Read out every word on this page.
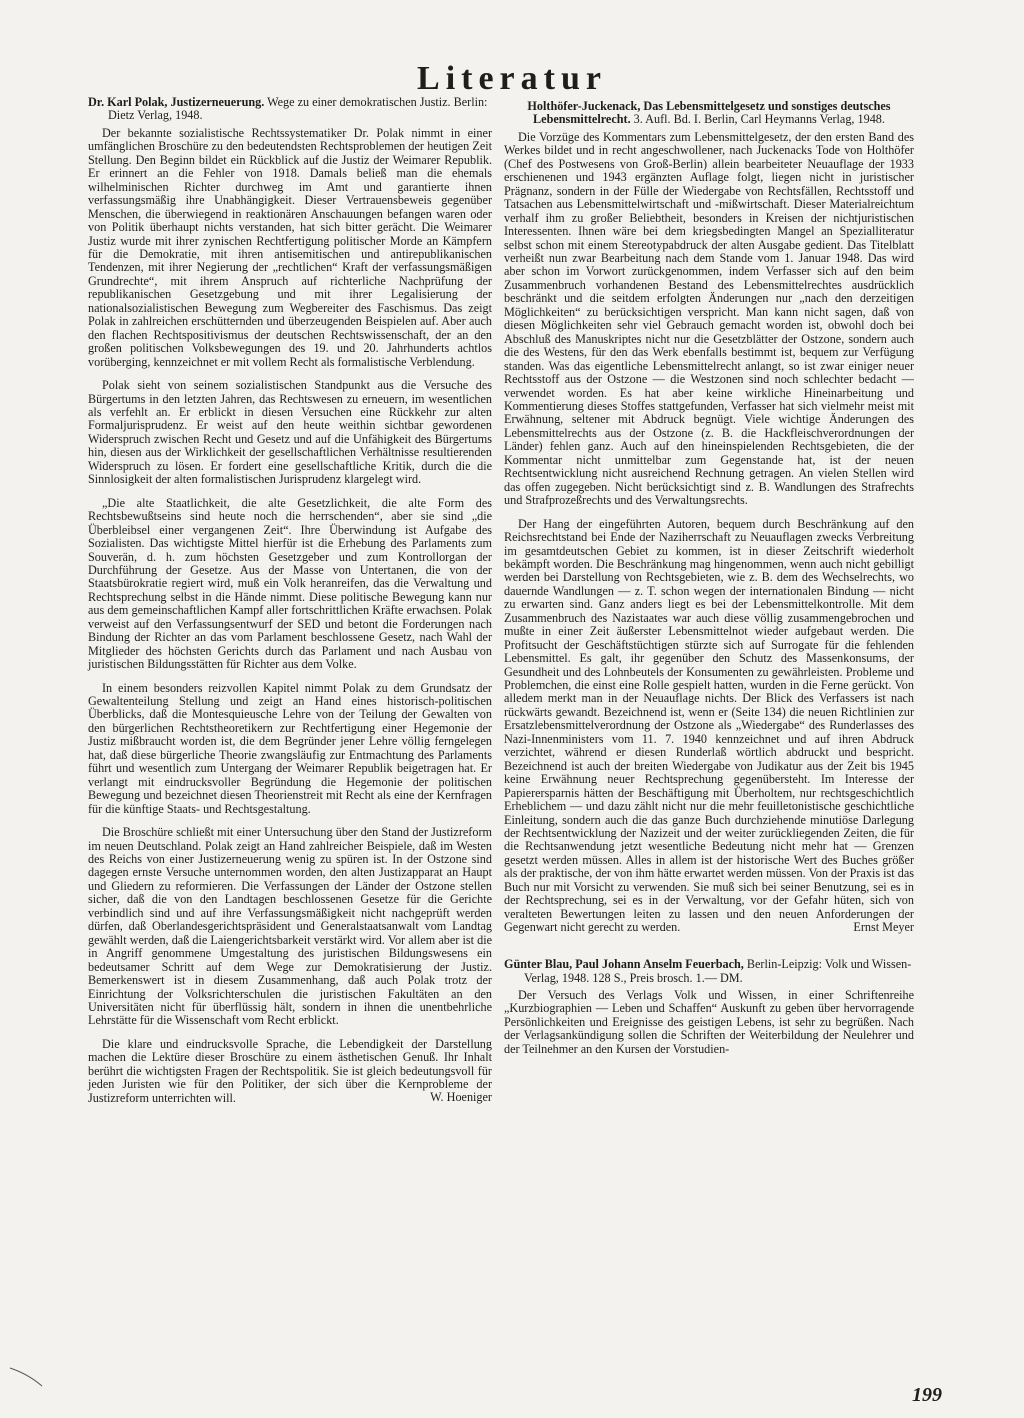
Literatur

Dr. Karl Polak, Justizerneuerung. Wege zu einer demokratischen Justiz. Berlin: Dietz Verlag, 1948.

Der bekannte sozialistische Rechtssystematiker Dr. Polak nimmt in einer umfänglichen Broschüre zu den bedeutendsten Rechtsproblemen der heutigen Zeit Stellung. Den Beginn bildet ein Rückblick auf die Justiz der Weimarer Republik. Er erinnert an die Fehler von 1918. Damals beließ man die ehemals wilhelminischen Richter durchweg im Amt und garantierte ihnen verfassungsmäßig ihre Unabhängigkeit. Dieser Vertrauensbeweis gegenüber Menschen, die überwiegend in reaktionären Anschauungen befangen waren oder von Politik überhaupt nichts verstanden, hat sich bitter gerächt. Die Weimarer Justiz wurde mit ihrer zynischen Rechtfertigung politischer Morde an Kämpfern für die Demokratie, mit ihren antisemitischen und antirepublikanischen Tendenzen, mit ihrer Negierung der „rechtlichen“ Kraft der verfassungsmäßigen Grundrechte“, mit ihrem Anspruch auf richterliche Nachprüfung der republikanischen Gesetzgebung und mit ihrer Legalisierung der nationalsozialistischen Bewegung zum Wegbereiter des Faschismus. Das zeigt Polak in zahlreichen erschütternden und überzeugenden Beispielen auf. Aber auch den flachen Rechtspositivismus der deutschen Rechtswissenschaft, der an den großen politischen Volksbewegungen des 19. und 20. Jahrhunderts achtlos vorüberging, kennzeichnet er mit vollem Recht als formalistische Verblendung.

Polak sieht von seinem sozialistischen Standpunkt aus die Versuche des Bürgertums in den letzten Jahren, das Rechtswesen zu erneuern, im wesentlichen als verfehlt an. Er erblickt in diesen Versuchen eine Rückkehr zur alten Formaljurisprudenz. Er weist auf den heute weithin sichtbar gewordenen Widerspruch zwischen Recht und Gesetz und auf die Unfähigkeit des Bürgertums hin, diesen aus der Wirklichkeit der gesellschaftlichen Verhältnisse resultierenden Widerspruch zu lösen. Er fordert eine gesellschaftliche Kritik, durch die die Sinnlosigkeit der alten formalistischen Jurisprudenz klargelegt wird.

„Die alte Staatlichkeit, die alte Gesetzlichkeit, die alte Form des Rechtsbewußtseins sind heute noch die herrschenden“, aber sie sind „die Überbleibsel einer vergangenen Zeit“. Ihre Überwindung ist Aufgabe des Sozialisten. Das wichtigste Mittel hierfür ist die Erhebung des Parlaments zum Souverän, d. h. zum höchsten Gesetzgeber und zum Kontrollorgan der Durchführung der Gesetze. Aus der Masse von Untertanen, die von der Staatsbürokratie regiert wird, muß ein Volk heranreifen, das die Verwaltung und Rechtsprechung selbst in die Hände nimmt. Diese politische Bewegung kann nur aus dem gemeinschaftlichen Kampf aller fortschrittlichen Kräfte erwachsen. Polak verweist auf den Verfassungsentwurf der SED und betont die Forderungen nach Bindung der Richter an das vom Parlament beschlossene Gesetz, nach Wahl der Mitglieder des höchsten Gerichts durch das Parlament und nach Ausbau von juristischen Bildungsstätten für Richter aus dem Volke.

In einem besonders reizvollen Kapitel nimmt Polak zu dem Grundsatz der Gewaltenteilung Stellung und zeigt an Hand eines historisch-politischen Überblicks, daß die Montesquieusche Lehre von der Teilung der Gewalten von den bürgerlichen Rechtstheoretikern zur Rechtfertigung einer Hegemonie der Justiz mißbraucht worden ist, die dem Begründer jener Lehre völlig ferngelegen hat, daß diese bürgerliche Theorie zwangsläufig zur Entmachtung des Parlaments führt und wesentlich zum Untergang der Weimarer Republik beigetragen hat. Er verlangt mit eindrucksvoller Begründung die Hegemonie der politischen Bewegung und bezeichnet diesen Theorienstreit mit Recht als eine der Kernfragen für die künftige Staats- und Rechtsgestaltung.

Die Broschüre schließt mit einer Untersuchung über den Stand der Justizreform im neuen Deutschland. Polak zeigt an Hand zahlreicher Beispiele, daß im Westen des Reichs von einer Justizerneuerung wenig zu spüren ist. In der Ostzone sind dagegen ernste Versuche unternommen worden, den alten Justizapparat an Haupt und Gliedern zu reformieren. Die Verfassungen der Länder der Ostzone stellen sicher, daß die von den Landtagen beschlossenen Gesetze für die Gerichte verbindlich sind und auf ihre Verfassungsmäßigkeit nicht nachgeprüft werden dürfen, daß Oberlandesgerichtspräsident und Generalstaatsanwalt vom Landtag gewählt werden, daß die Laiengerichtsbarkeit verstärkt wird. Vor allem aber ist die in Angriff genommene Umgestaltung des juristischen Bildungswesens ein bedeutsamer Schritt auf dem Wege zur Demokratisierung der Justiz. Bemerkenswert ist in diesem Zusammenhang, daß auch Polak trotz der Einrichtung der Volksrichterschulen die juristischen Fakultäten an den Universitäten nicht für überflüssig hält, sondern in ihnen die unentbehrliche Lehrstätte für die Wissenschaft vom Recht erblickt.

Die klare und eindrucksvolle Sprache, die Lebendigkeit der Darstellung machen die Lektüre dieser Broschüre zu einem ästhetischen Genuß. Ihr Inhalt berührt die wichtigsten Fragen der Rechtspolitik. Sie ist gleich bedeutungsvoll für jeden Juristen wie für den Politiker, der sich über die Kernprobleme der Justizreform unterrichten will.	W. Hoeniger

Holthöfer-Juckenack, Das Lebensmittelgesetz und sonstiges deutsches Lebensmittelrecht. 3. Aufl. Bd. I. Berlin, Carl Heymanns Verlag, 1948.

Die Vorzüge des Kommentars zum Lebensmittelgesetz, der den ersten Band des Werkes bildet und in recht angeschwollener, nach Juckenacks Tode von Holthöfer (Chef des Postwesens von Groß-Berlin) allein bearbeiteter Neuauflage der 1933 erschienenen und 1943 ergänzten Auflage folgt, liegen nicht in juristischer Prägnanz, sondern in der Fülle der Wiedergabe von Rechtsfällen, Rechtsstoff und Tatsachen aus Lebensmittelwirtschaft und -mißwirtschaft. Dieser Materialreichtum verhalf ihm zu großer Beliebtheit, besonders in Kreisen der nichtjuristischen Interessenten. Ihnen wäre bei dem kriegsbedingten Mangel an Spezialliteratur selbst schon mit einem Stereotypabdruck der alten Ausgabe gedient. Das Titelblatt verheißt nun zwar Bearbeitung nach dem Stande vom 1. Januar 1948. Das wird aber schon im Vorwort zurückgenommen, indem Verfasser sich auf den beim Zusammenbruch vorhandenen Bestand des Lebensmittelrechtes ausdrücklich beschränkt und die seitdem erfolgten Änderungen nur „nach den derzeitigen Möglichkeiten“ zu berücksichtigen verspricht. Man kann nicht sagen, daß von diesen Möglichkeiten sehr viel Gebrauch gemacht worden ist, obwohl doch bei Abschluß des Manuskriptes nicht nur die Gesetzblätter der Ostzone, sondern auch die des Westens, für den das Werk ebenfalls bestimmt ist, bequem zur Verfügung standen. Was das eigentliche Lebensmittelrecht anlangt, so ist zwar einiger neuer Rechtsstoff aus der Ostzone — die Westzonen sind noch schlechter bedacht — verwendet worden. Es hat aber keine wirkliche Hineinarbeitung und Kommentierung dieses Stoffes stattgefunden, Verfasser hat sich vielmehr meist mit Erwähnung, seltener mit Abdruck begnügt. Viele wichtige Änderungen des Lebensmittelrechts aus der Ostzone (z. B. die Hackfleischverordnungen der Länder) fehlen ganz. Auch auf den hineinspielenden Rechtsgebieten, die der Kommentar nicht unmittelbar zum Gegenstande hat, ist der neuen Rechtsentwicklung nicht ausreichend Rechnung getragen. An vielen Stellen wird das offen zugegeben. Nicht berücksichtigt sind z. B. Wandlungen des Strafrechts und Strafprozeßrechts und des Verwaltungsrechts.

Der Hang der eingeführten Autoren, bequem durch Beschränkung auf den Reichsrechtstand bei Ende der Naziherrschaft zu Neuauflagen zwecks Verbreitung im gesamtdeutschen Gebiet zu kommen, ist in dieser Zeitschrift wiederholt bekämpft worden. Die Beschränkung mag hingenommen, wenn auch nicht gebilligt werden bei Darstellung von Rechtsgebieten, wie z. B. dem des Wechselrechts, wo dauernde Wandlungen — z. T. schon wegen der internationalen Bindung — nicht zu erwarten sind. Ganz anders liegt es bei der Lebensmittelkontrolle. Mit dem Zusammenbruch des Nazistaates war auch diese völlig zusammengebrochen und mußte in einer Zeit äußerster Lebensmittelnot wieder aufgebaut werden. Die Profitsucht der Geschäftstüchtigen stürzte sich auf Surrogate für die fehlenden Lebensmittel. Es galt, ihr gegenüber den Schutz des Massenkonsums, der Gesundheit und des Lohnbeutels der Konsumenten zu gewährleisten. Probleme und Problemchen, die einst eine Rolle gespielt hatten, wurden in die Ferne gerückt. Von alledem merkt man in der Neuauflage nichts. Der Blick des Verfassers ist nach rückwärts gewandt. Bezeichnend ist, wenn er (Seite 134) die neuen Richtlinien zur Ersatzlebensmittelverordnung der Ostzone als „Wiedergabe“ des Runderlasses des Nazi-Innenministers vom 11. 7. 1940 kennzeichnet und auf ihren Abdruck verzichtet, während er diesen Runderlaß wörtlich abdruckt und bespricht. Bezeichnend ist auch der breiten Wiedergabe von Judikatur aus der Zeit bis 1945 keine Erwähnung neuer Rechtsprechung gegenübersteht. Im Interesse der Papierersparnis hätten der Beschäftigung mit Überholtem, nur rechtsgeschichtlich Erheblichem — und dazu zählt nicht nur die mehr feuilletonistische geschichtliche Einleitung, sondern auch die das ganze Buch durchziehende minutiöse Darlegung der Rechtsentwicklung der Nazizeit und der weiter zurückliegenden Zeiten, die für die Rechtsanwendung jetzt wesentliche Bedeutung nicht mehr hat — Grenzen gesetzt werden müssen. Alles in allem ist der historische Wert des Buches größer als der praktische, der von ihm hätte erwartet werden müssen. Von der Praxis ist das Buch nur mit Vorsicht zu verwenden. Sie muß sich bei seiner Benutzung, sei es in der Rechtsprechung, sei es in der Verwaltung, vor der Gefahr hüten, sich von veralteten Bewertungen leiten zu lassen und den neuen Anforderungen der Gegenwart nicht gerecht zu werden.	Ernst Meyer

Günter Blau, Paul Johann Anselm Feuerbach, Berlin-Leipzig: Volk und Wissen-Verlag, 1948. 128 S., Preis brosch. 1.— DM.

Der Versuch des Verlags Volk und Wissen, in einer Schriftenreihe „Kurzbiographien — Leben und Schaffen“ Auskunft zu geben über hervorragende Persönlichkeiten und Ereignisse des geistigen Lebens, ist sehr zu begrüßen. Nach der Verlagsankündigung sollen die Schriften der Weiterbildung der Neulehrer und der Teilnehmer an den Kursen der Vorstudien-

199
